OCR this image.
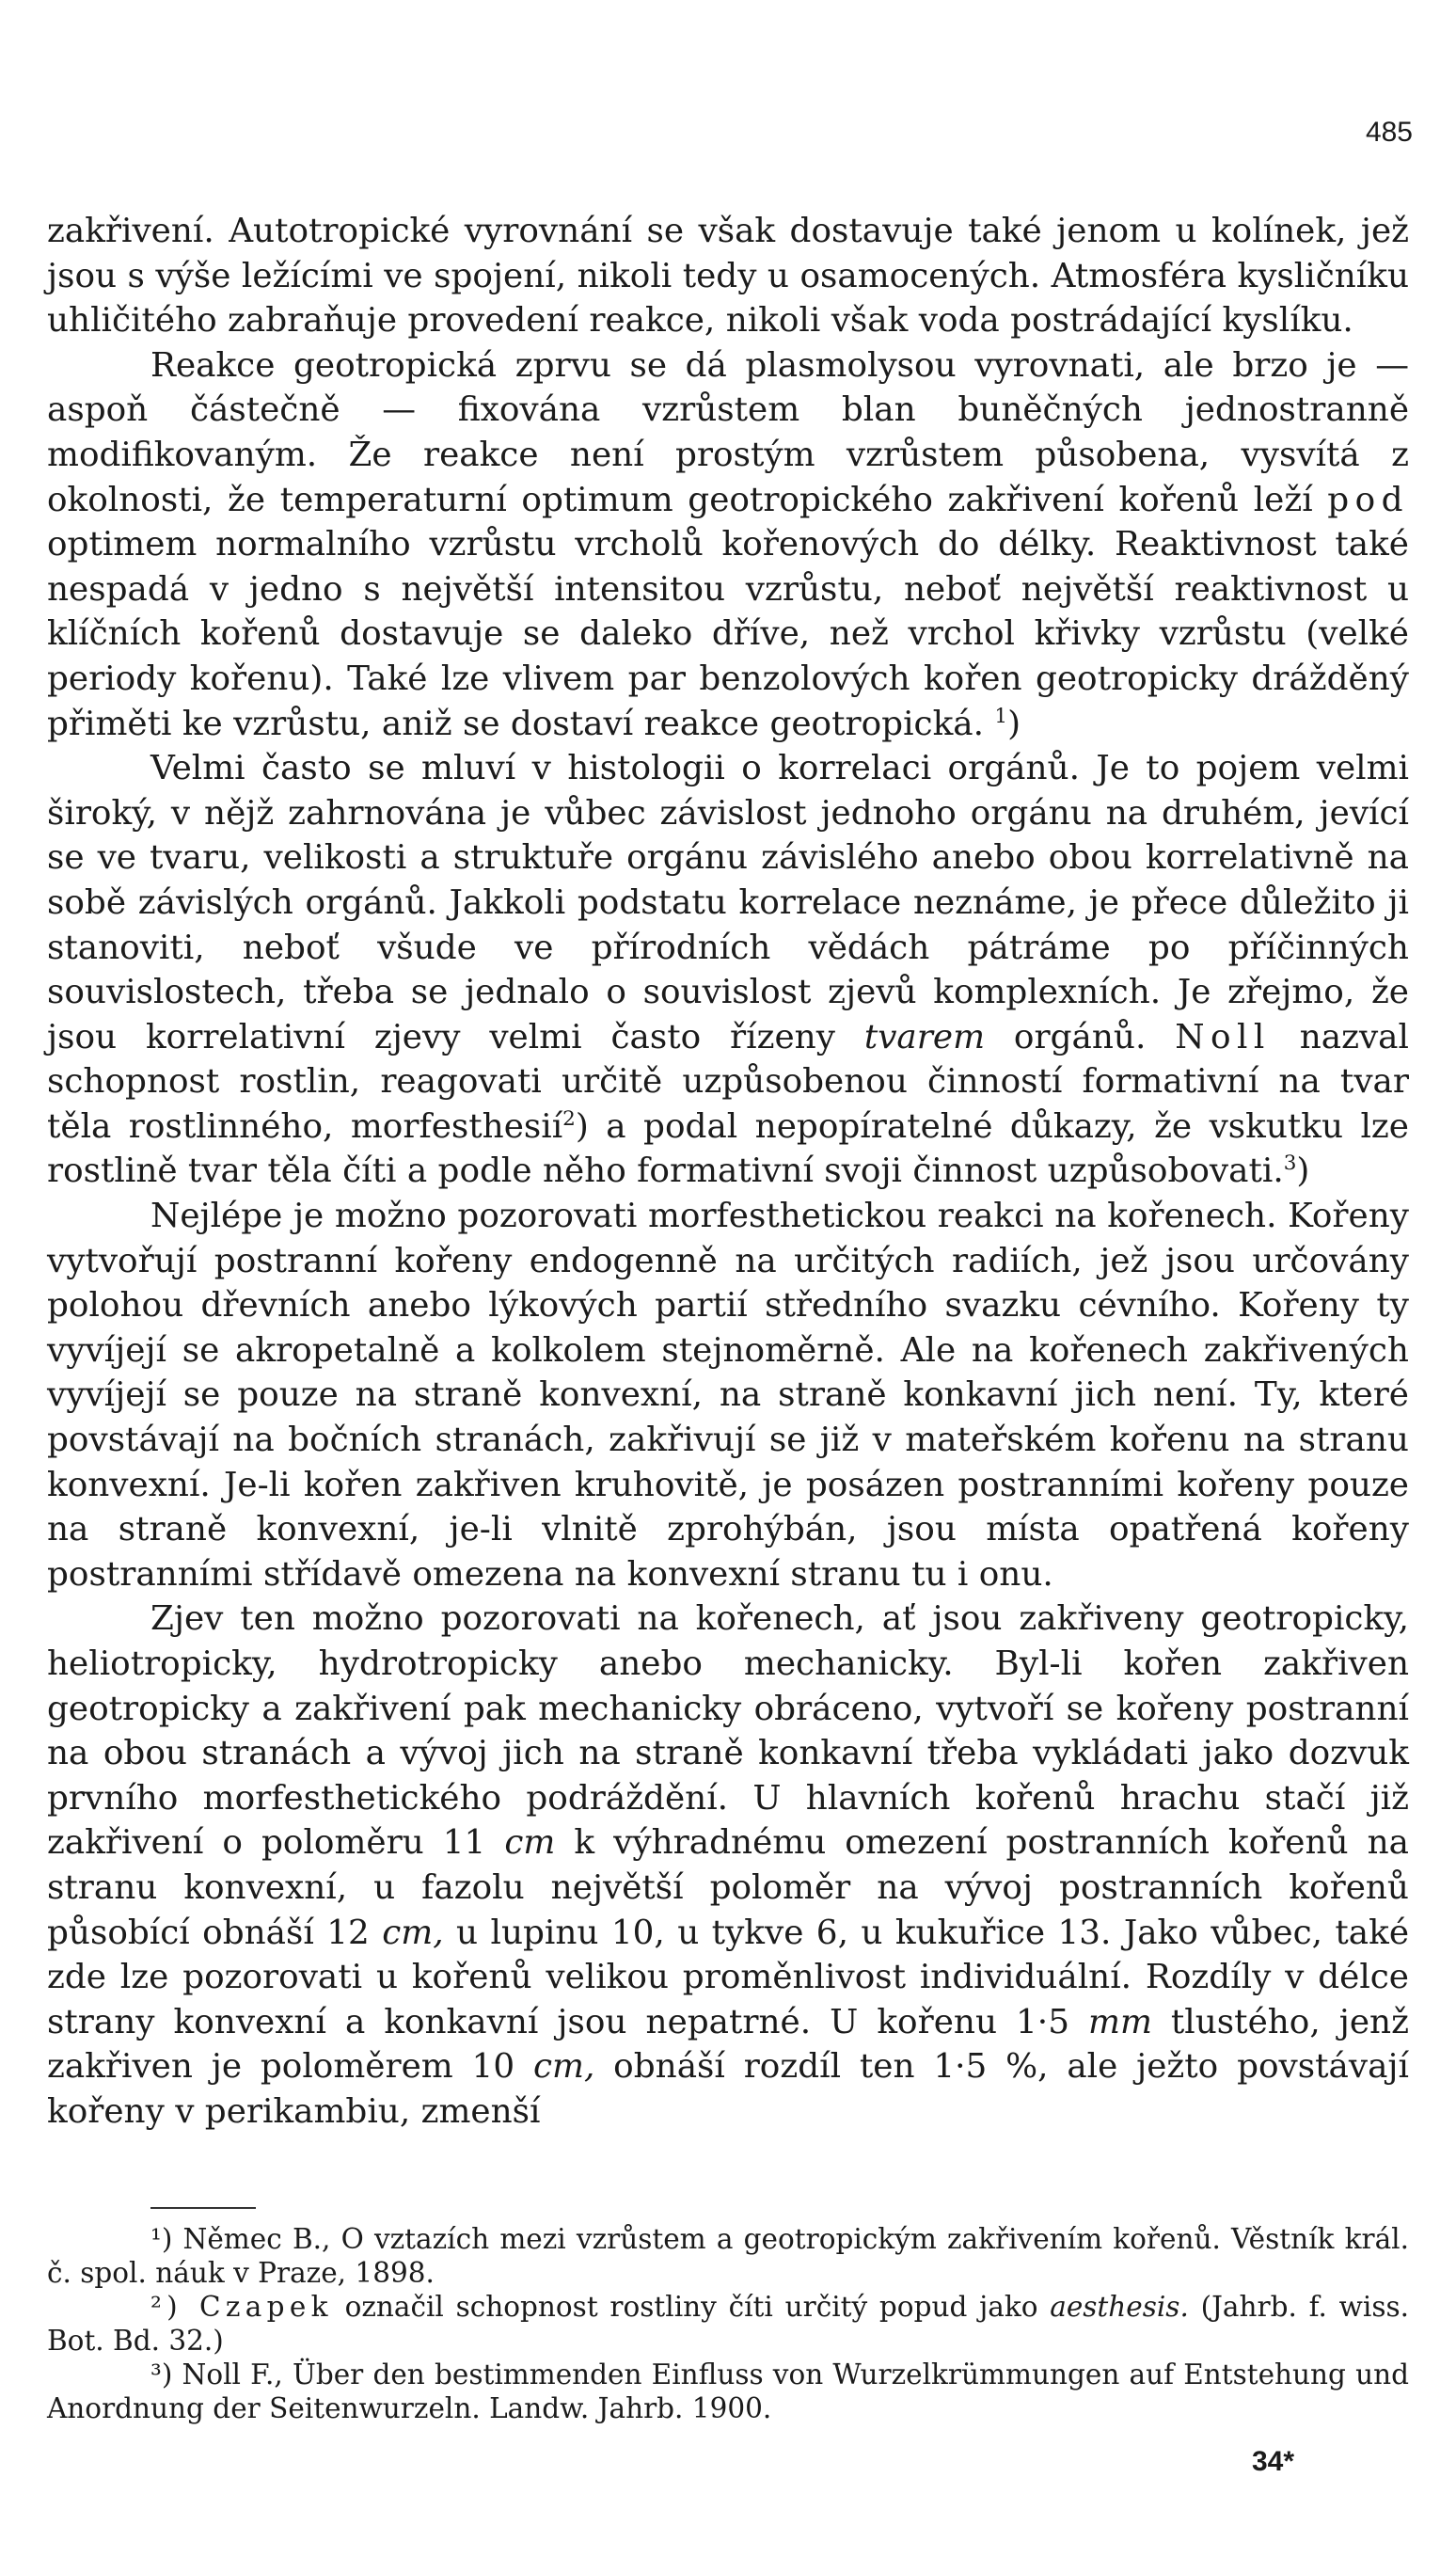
485

zakřivení. Autotropické vyrovnání se však dostavuje také jenom u kolínek, jež jsou s výše ležícími ve spojení, nikoli tedy u osamocených. Atmosféra kysličníku uhličitého zabraňuje provedení reakce, nikoli však voda postrádající kyslíku.

Reakce geotropická zprvu se dá plasmolysou vyrovnati, ale brzo je — aspoň částečně — fixována vzrůstem blan buněčných jednostranně modifikovaným. Že reakce není prostým vzrůstem působena, vysvítá z okolnosti, že temperaturní optimum geotropického zakřivení kořenů leží pod optimem normalního vzrůstu vrcholů kořenových do délky. Reaktivnost také nespadá v jedno s největší intensitou vzrůstu, neboť největší reaktivnost u klíčních kořenů dostavuje se daleko dříve, než vrchol křivky vzrůstu (velké periody kořenu). Také lze vlivem par benzolových kořen geotropicky drážděný přiměti ke vzrůstu, aniž se dostaví reakce geotropická. $^1$)

Velmi často se mluví v histologii o korrelaci orgánů. Je to pojem velmi široký, v nějž zahrnována je vůbec závislost jednoho orgánu na druhém, jevící se ve tvaru, velikosti a struktuře orgánu závislého anebo obou korrelativně na sobě závislých orgánů. Jakkoli podstatu korrelace neznáme, je přece důležito ji stanoviti, neboť všude ve přírodních vědách pátráme po příčinných souvislostech, třeba se jednalo o souvislost zjevů komplexních. Je zřejmo, že jsou korrelativní zjevy velmi často řízeny tvarem orgánů. Noll nazval schopnost rostlin, reagovati určitě uzpůsobenou činností formativní na tvar těla rostlinného, morfesthesií$^2$) a podal nepopíratelné důkazy, že vskutku lze rostlině tvar těla číti a podle něho formativní svoji činnost uzpůsobovati.$^3$)

Nejlépe je možno pozorovati morfesthetickou reakci na kořenech. Kořeny vytvořují postranní kořeny endogenně na určitých radiích, jež jsou určovány polohou dřevních anebo lýkových partií středního svazku cévního. Kořeny ty vyvíjejí se akropetalně a kolkolem stejnoměrně. Ale na kořenech zakřivených vyvíjejí se pouze na straně konvexní, na straně konkavní jich není. Ty, které povstávají na bočních stranách, zakřivují se již v mateřském kořenu na stranu konvexní. Je-li kořen zakřiven kruhovitě, je posázen postranními kořeny pouze na straně konvexní, je-li vlnitě zprohýbán, jsou místa opatřená kořeny postranními střídavě omezena na konvexní stranu tu i onu.

Zjev ten možno pozorovati na kořenech, ať jsou zakřiveny geotropicky, heliotropicky, hydrotropicky anebo mechanicky. Byl-li kořen zakřiven geotropicky a zakřivení pak mechanicky obráceno, vytvoří se kořeny postranní na obou stranách a vývoj jich na straně konkavní třeba vykládati jako dozvuk prvního morfesthetického podráždění. U hlavních kořenů hrachu stačí již zakřivení o poloměru 11 cm k výhradnému omezení postranních kořenů na stranu konvexní, u fazolu největší poloměr na vývoj postranních kořenů působící obnáší 12 cm, u lupinu 10, u tykve 6, u kukuřice 13. Jako vůbec, také zde lze pozorovati u kořenů velikou proměnlivost individuální. Rozdíly v délce strany konvexní a konkavní jsou nepatrné. U kořenu 1·5 mm tlustého, jenž zakřiven je poloměrem 10 cm, obnáší rozdíl ten 1·5 %, ale ježto povstávají kořeny v perikambiu, zmenší

¹) Němec B., O vztazích mezi vzrůstem a geotropickým zakřivením kořenů. Věstník král. č. spol. náuk v Praze, 1898.

²) Czapek označil schopnost rostliny číti určitý popud jako aesthesis. (Jahrb. f. wiss. Bot. Bd. 32.)

³) Noll F., Über den bestimmenden Einfluss von Wurzelkrümmungen auf Entstehung und Anordnung der Seitenwurzeln. Landw. Jahrb. 1900.

34*
